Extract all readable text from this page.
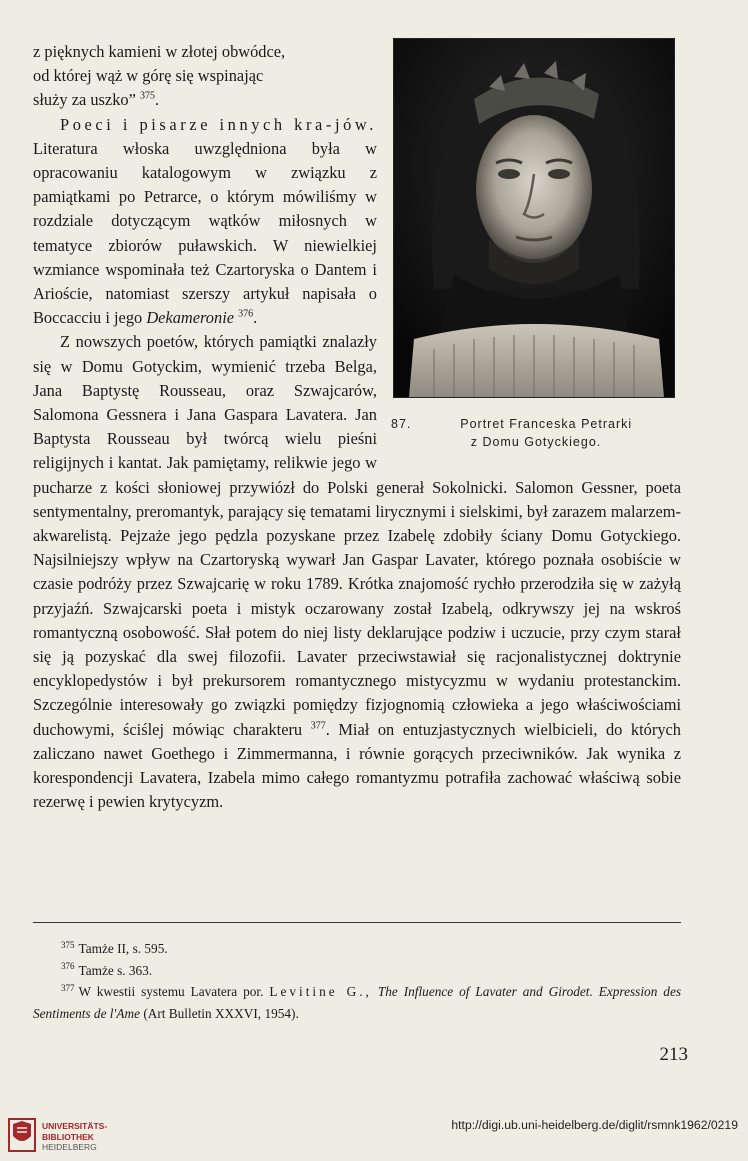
87.	Portret Franceska Petrarki
z Domu Gotyckiego.

z pięknych kamieni w złotej obwódce,
od której wąż w górę się wspinając
służy za uszko” $^{375}$.

Poeci i pisarze innych kra-jów. Literatura włoska uwzględniona była w opracowaniu katalogowym w związku z pamiątkami po Petrarce, o którym mówiliśmy w rozdziale dotyczącym wątków miłosnych w tematyce zbiorów puławskich. W niewielkiej wzmiance wspominała też Czartoryska o Dantem i Arioście, natomiast szerszy artykuł napisała o Boccacciu i jego Dekameronie $^{376}$.

Z nowszych poetów, których pamiątki znalazły się w Domu Gotyckim, wymienić trzeba Belga, Jana Baptystę Rousseau, oraz Szwajcarów, Salomona Gessnera i Jana Gaspara Lavatera. Jan Baptysta Rousseau był twórcą wielu pieśni religijnych i kantat. Jak pamiętamy, relikwie jego w pucharze z kości słoniowej przywiózł do Polski generał Sokolnicki. Salomon Gessner, poeta sentymentalny, preromantyk, parający się tematami lirycznymi i sielskimi, był zarazem malarzem-akwarelistą. Pejzaże jego pędzla pozyskane przez Izabelę zdobiły ściany Domu Gotyckiego. Najsilniejszy wpływ na Czartoryską wywarł Jan Gaspar Lavater, którego poznała osobiście w czasie podróży przez Szwajcarię w roku 1789. Krótka znajomość rychło przerodziła się w zażyłą przyjaźń. Szwajcarski poeta i mistyk oczarowany został Izabelą, odkrywszy jej na wskroś romantyczną osobowość. Słał potem do niej listy deklarujące podziw i uczucie, przy czym starał się ją pozyskać dla swej filozofii. Lavater przeciwstawiał się racjonalistycznej doktrynie encyklopedystów i był prekursorem romantycznego mistycyzmu w wydaniu protestanckim. Szczególnie interesowały go związki pomiędzy fizjognomią człowieka a jego właściwościami duchowymi, ściślej mówiąc charakteru $^{377}$. Miał on entuzjastycznych wielbicieli, do których zaliczano nawet Goethego i Zimmermanna, i równie gorących przeciwników. Jak wynika z korespondencji Lavatera, Izabela mimo całego romantyzmu potrafiła zachować właściwą sobie rezerwę i pewien krytycyzm.

$^{375}$ Tamże II, s. 595.

$^{376}$ Tamże s. 363.

$^{377}$ W kwestii systemu Lavatera por. Levitine G., The Influence of Lavater and Girodet. Expression des Sentiments de l'Ame (Art Bulletin XXXVI, 1954).

213
UNIVERSITÄTS-
BIBLIOTHEK
HEIDELBERG
http://digi.ub.uni-heidelberg.de/diglit/rsmnk1962/0219
